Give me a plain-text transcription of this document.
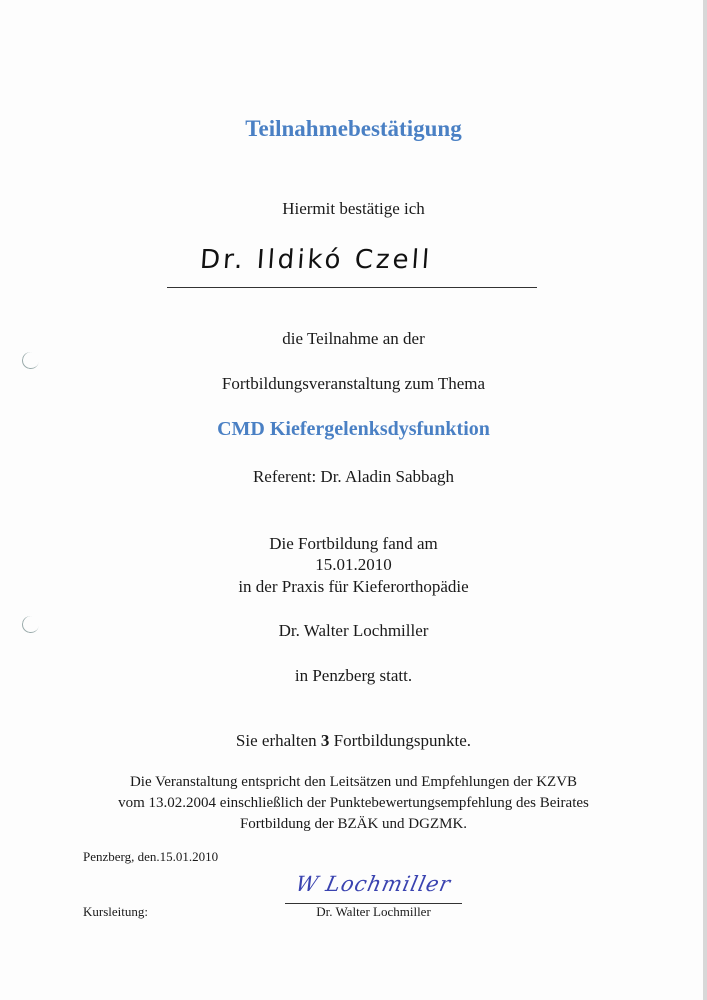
Teilnahmebestätigung
Hiermit bestätige ich
Dr. Ildikó Czell
die Teilnahme an der
Fortbildungsveranstaltung zum Thema
CMD Kiefergelenksdysfunktion
Referent: Dr. Aladin Sabbagh
Die Fortbildung fand am
15.01.2010
in der Praxis für Kieferorthopädie
Dr. Walter Lochmiller
in Penzberg statt.
Sie erhalten 3 Fortbildungspunkte.
Die Veranstaltung entspricht den Leitsätzen und Empfehlungen der KZVB
vom 13.02.2004 einschließlich der Punktebewertungsempfehlung des Beirates
Fortbildung der BZÄK und DGZMK.
Penzberg, den.15.01.2010
W Lochmiller
Kursleitung:	Dr. Walter Lochmiller
